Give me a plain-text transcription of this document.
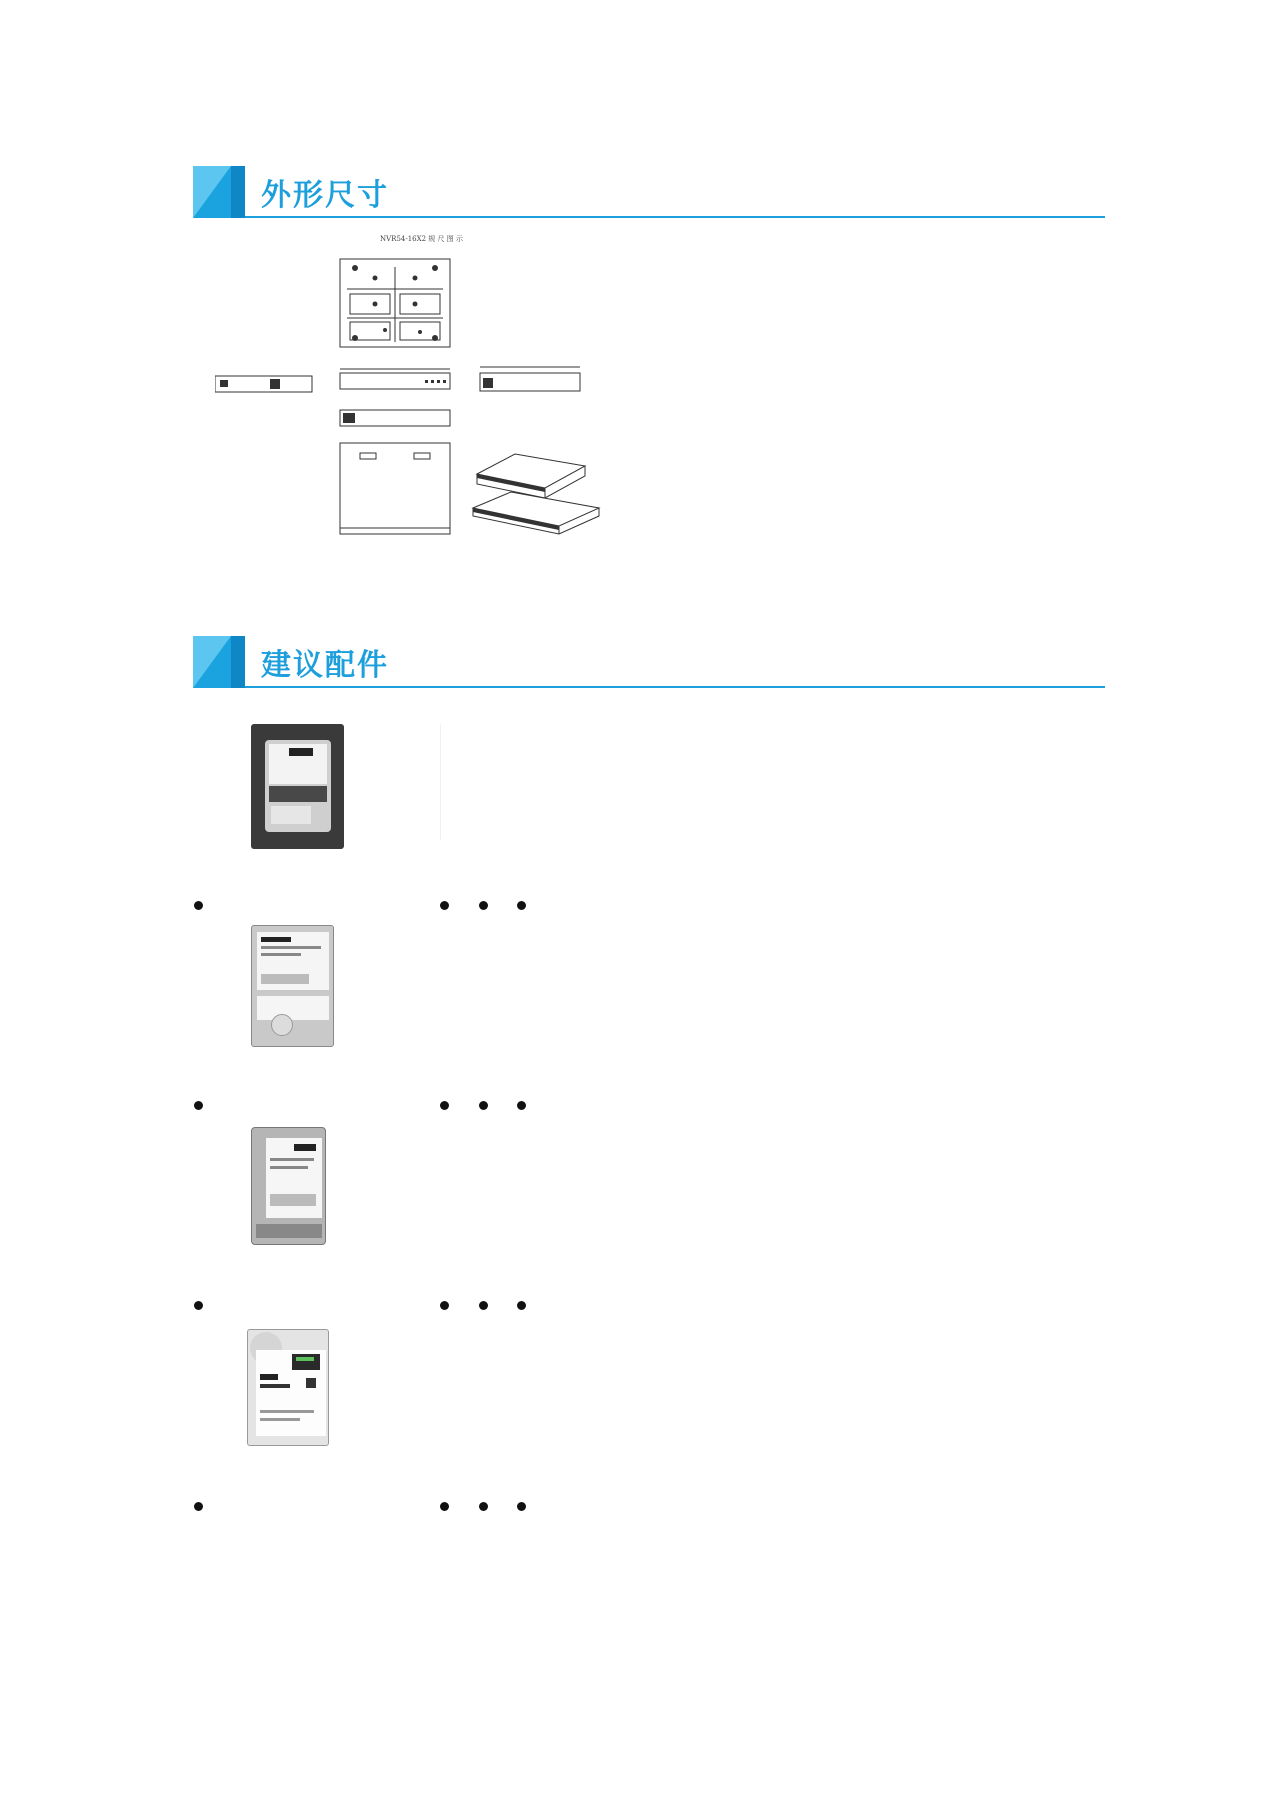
外形尺寸
NVR54-16X2 规 尺 图 示
建议配件
